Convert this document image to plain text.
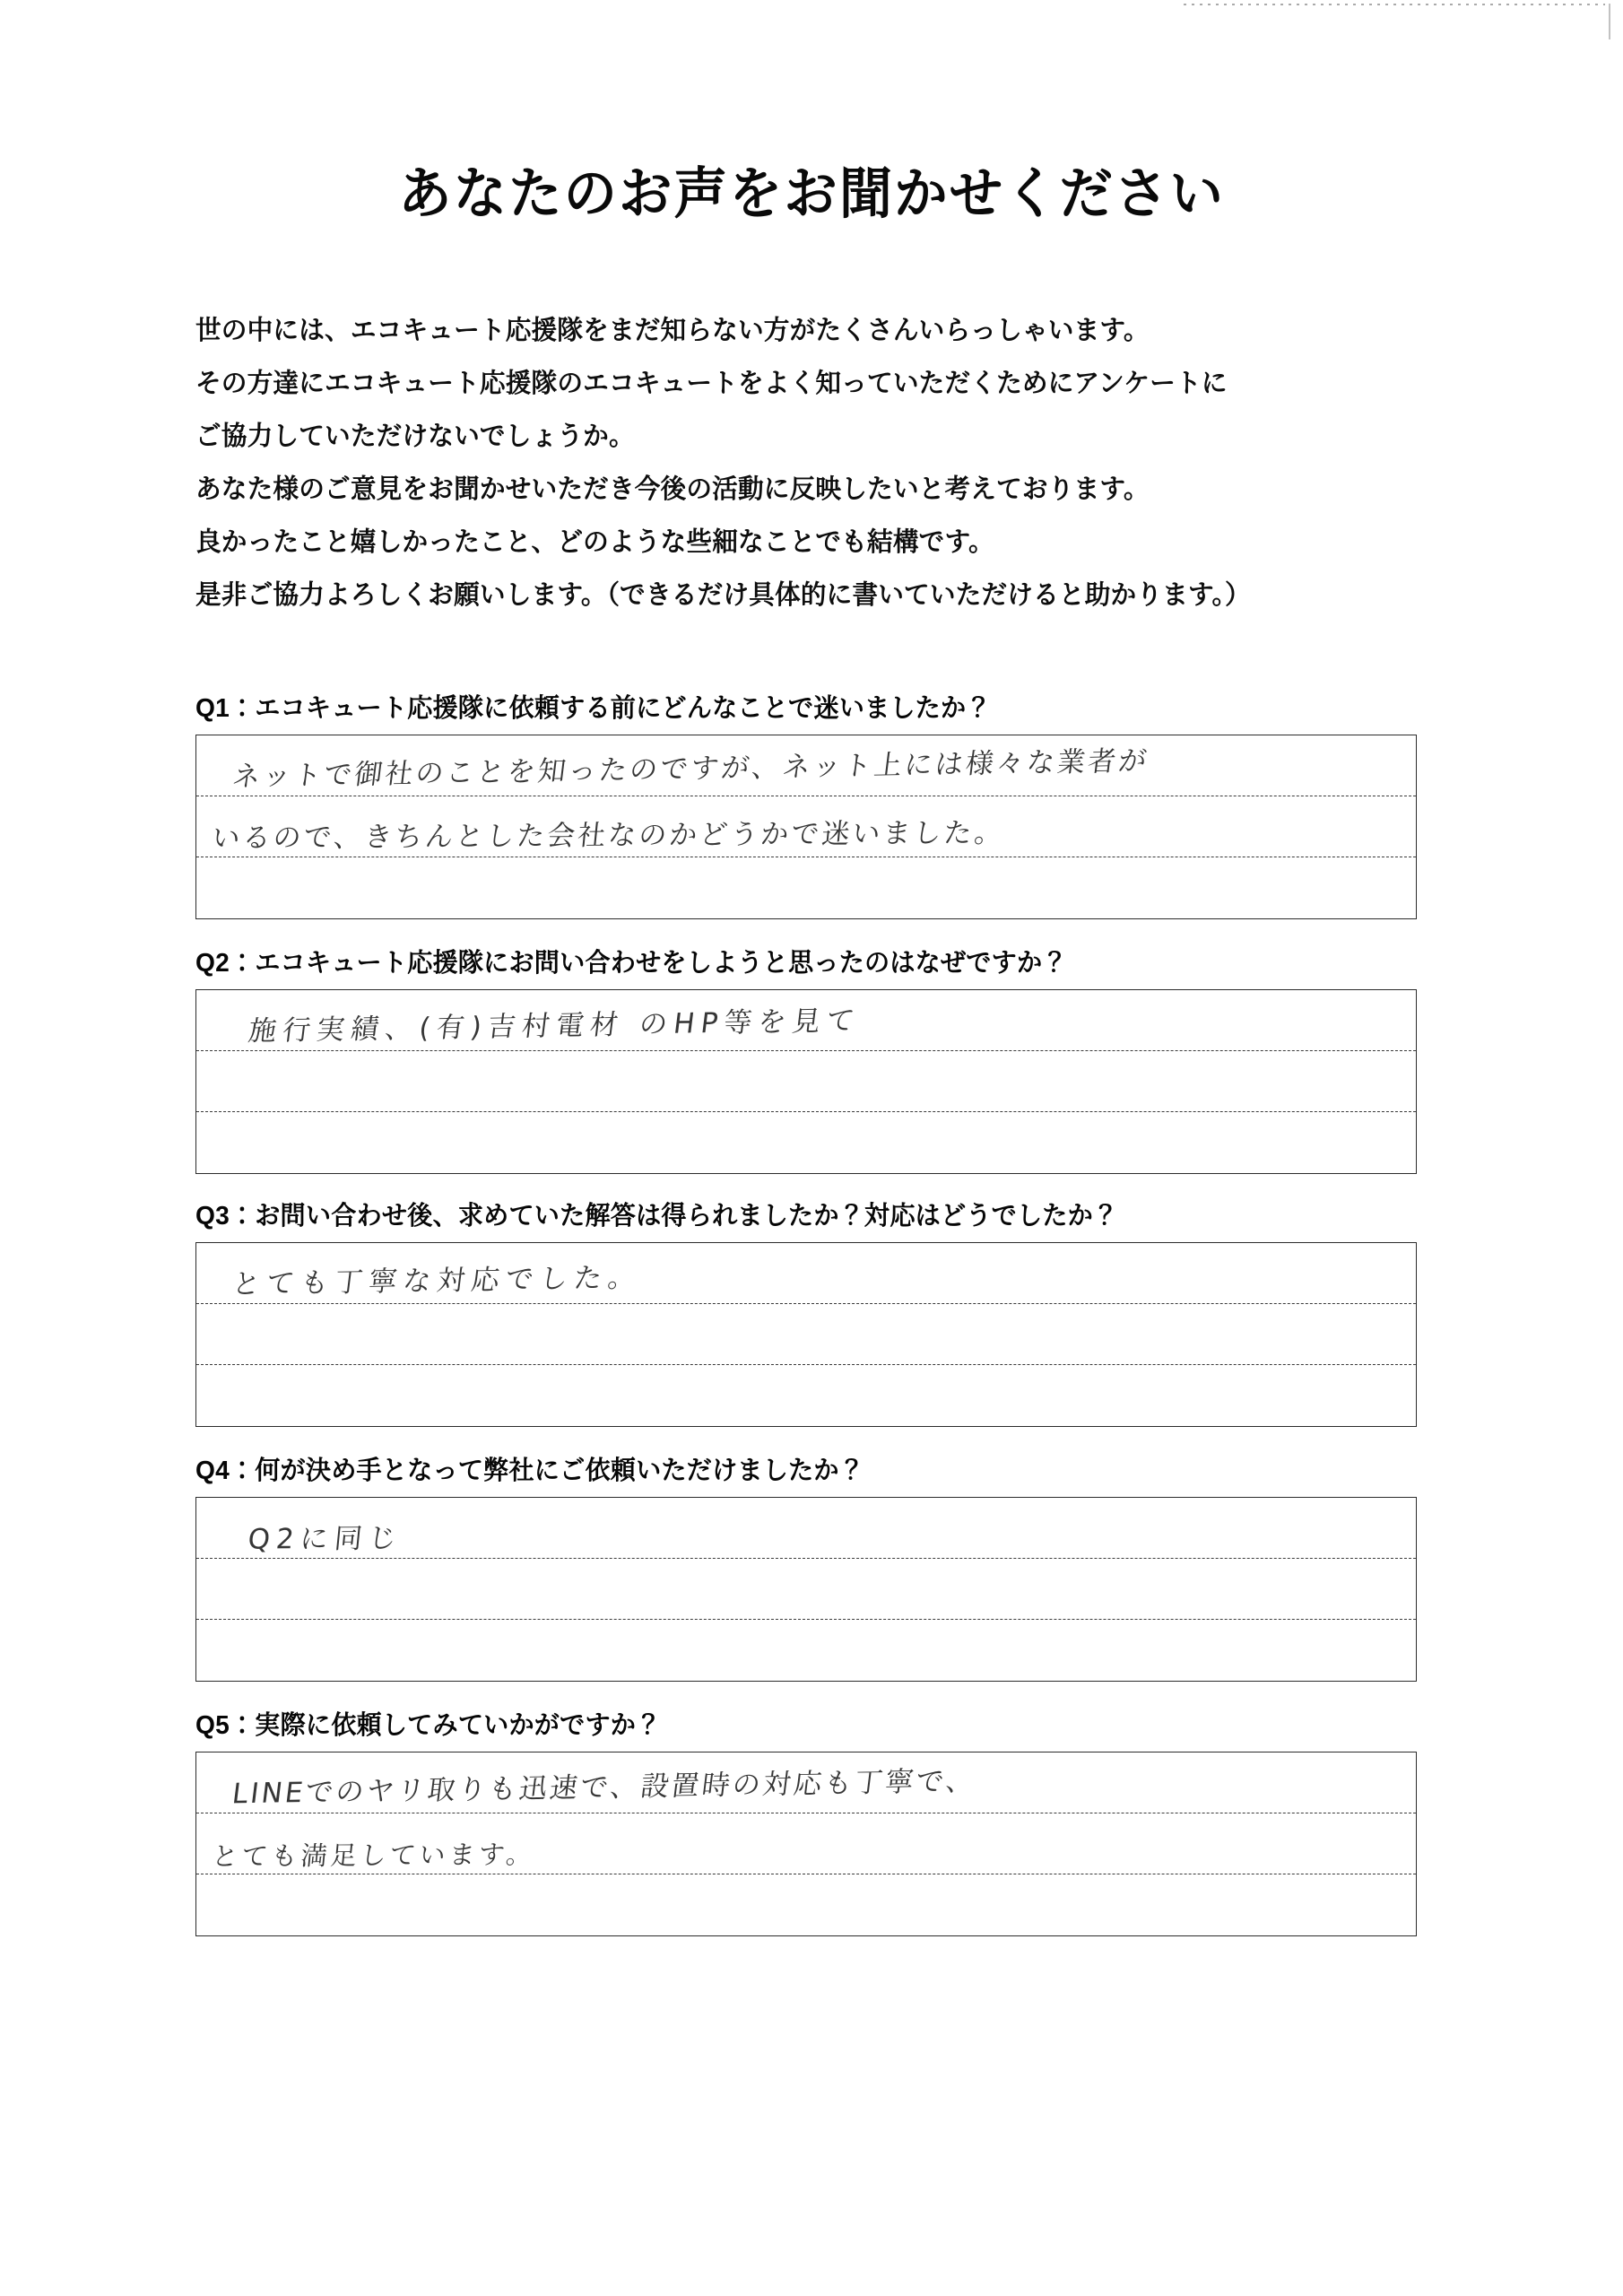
あなたのお声をお聞かせください

世の中には、エコキュート応援隊をまだ知らない方がたくさんいらっしゃいます。

その方達にエコキュート応援隊のエコキュートをよく知っていただくためにアンケートに

ご協力していただけないでしょうか。

あなた様のご意見をお聞かせいただき今後の活動に反映したいと考えております。

良かったこと嬉しかったこと、どのような些細なことでも結構です。

是非ご協力よろしくお願いします。（できるだけ具体的に書いていただけると助かります。）

Q1：エコキュート応援隊に依頼する前にどんなことで迷いましたか？
ネットで御社のことを知ったのですが、ネット上には様々な業者が
いるので、きちんとした会社なのかどうかで迷いました。
Q2：エコキュート応援隊にお問い合わせをしようと思ったのはなぜですか？
施行実績、(有)吉村電材 のHP等を見て
Q3：お問い合わせ後、求めていた解答は得られましたか？対応はどうでしたか？
とても丁寧な対応でした。
Q4：何が決め手となって弊社にご依頼いただけましたか？
Q2に同じ
Q5：実際に依頼してみていかがですか？
LINEでのヤリ取りも迅速で、設置時の対応も丁寧で、
とても満足しています。
